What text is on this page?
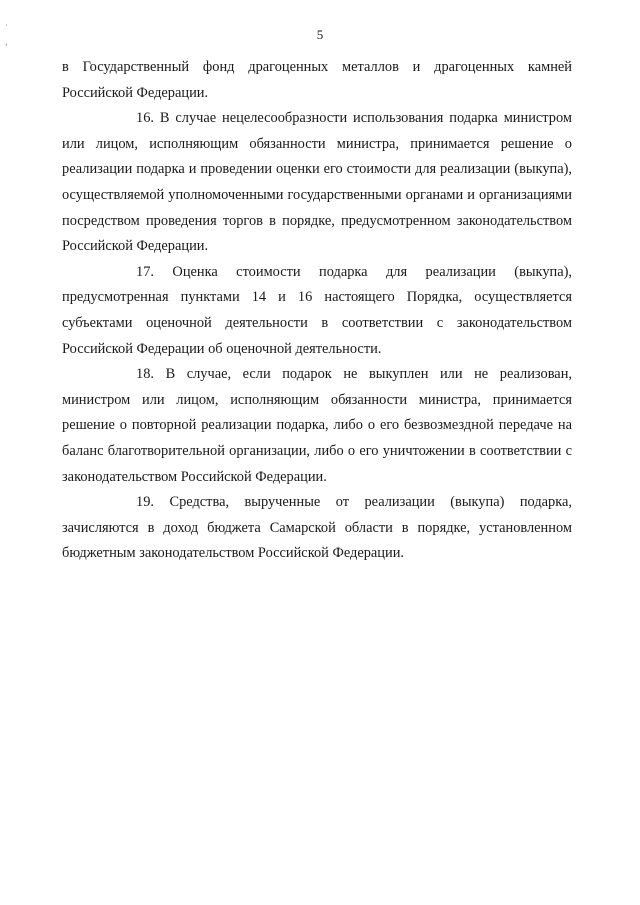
˙
‘
5

в Государственный фонд драгоценных металлов и драгоценных камней Российской Федерации.

16. В случае нецелесообразности использования подарка министром или лицом, исполняющим обязанности министра, принимается решение о реализации подарка и проведении оценки его стоимости для реализации (выкупа), осуществляемой уполномоченными государственными органами и организациями посредством проведения торгов в порядке, предусмотренном законодательством Российской Федерации.

17. Оценка стоимости подарка для реализации (выкупа), предусмотренная пунктами 14 и 16 настоящего Порядка, осуществляется субъектами оценочной деятельности в соответствии с законодательством Российской Федерации об оценочной деятельности.

18. В случае, если подарок не выкуплен или не реализован, министром или лицом, исполняющим обязанности министра, принимается решение о повторной реализации подарка, либо о его безвозмездной передаче на баланс благотворительной организации, либо о его уничтожении в соответствии с законодательством Российской Федерации.

19. Средства, вырученные от реализации (выкупа) подарка, зачисляются в доход бюджета Самарской области в порядке, установленном бюджетным законодательством Российской Федерации.
